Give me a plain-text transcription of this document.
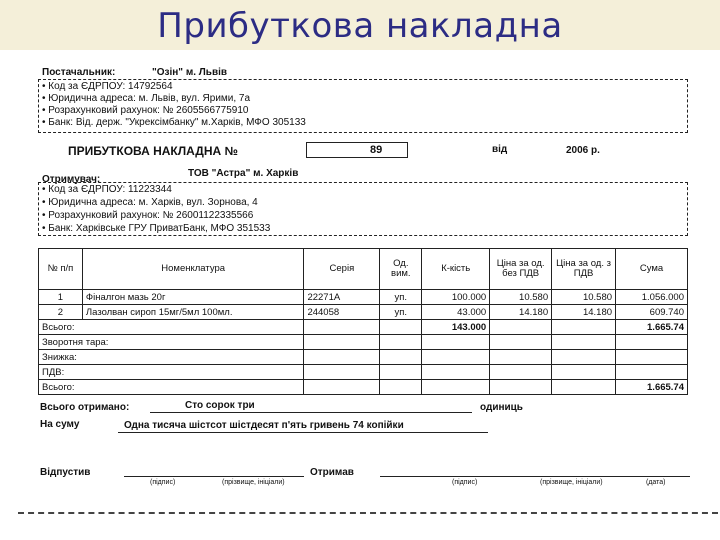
Прибуткова накладна
Постачальник:	"Озін" м. Львів
• Код за ЄДРПОУ: 14792564
• Юридична адреса: м. Львів, вул. Ярими, 7а
• Розрахунковий рахунок: № 2605566775910
• Банк: Від. держ. "Укрексімбанку" м.Харків, МФО 305133
ПРИБУТКОВА НАКЛАДНА №	89	від	2006 р.
ТОВ "Астра" м. Харків
Отримувач:
• Код за ЄДРПОУ: 11223344
• Юридична адреса: м. Харків, вул. Зорнова, 4
• Розрахунковий рахунок: № 26001122335566
• Банк: Харківське ГРУ ПриватБанк, МФО 351533
№ п/п	Номенклатура	Серія	Од. вим.	К-кість	Ціна за од. без ПДВ	Ціна за од. з ПДВ	Сума
1	Фіналгон мазь 20г	22271А	уп.	100.000	10.580	10.580	1.056.000
2	Лазолван сироп 15мг/5мл 100мл.	244058	уп.	43.000	14.180	14.180	609.740
Всього:				143.000			1.665.74
Зворотня тара:							
Знижка:							
ПДВ:							
Всього:							1.665.74
Всього отримано:	Сто сорок три	одиниць
На суму	Одна тисяча шістсот шістдесят п'ять гривень 74 копійки
Відпустив	Отримав
(підпис)	(прізвище, ініціали)	(підпис)	(прізвище, ініціали)	(дата)
